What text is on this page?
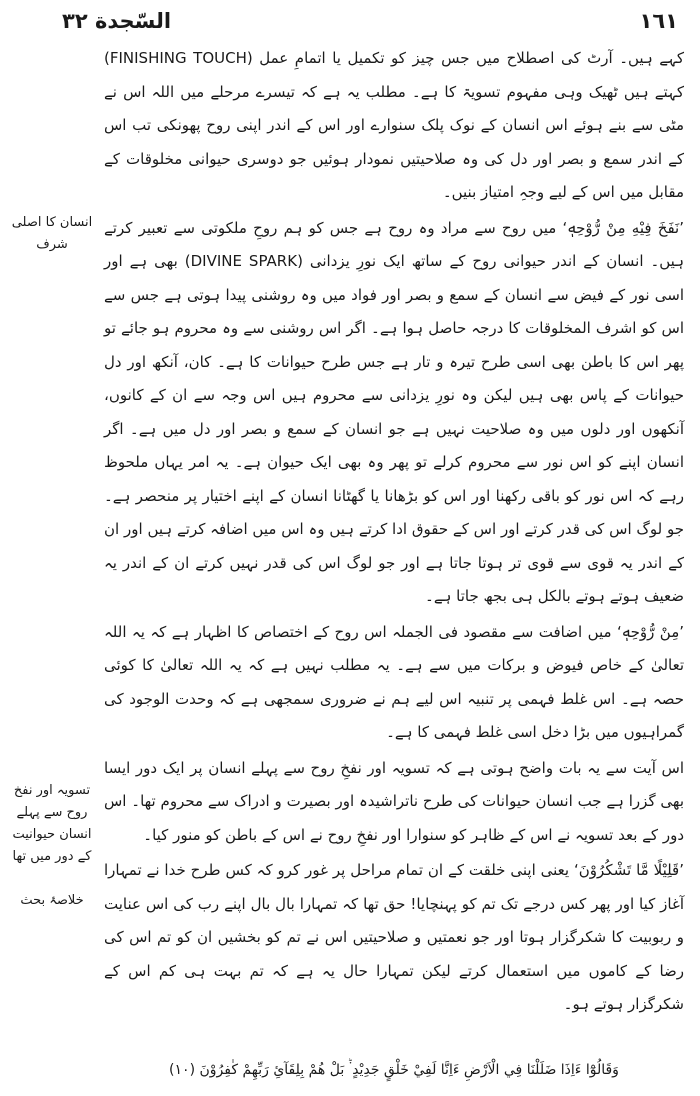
السّجدة ٣٢	١٦١

کہے ہیں۔ آرٹ کی اصطلاح میں جس چیز کو تکمیل یا اتمامِ عمل (FINISHING TOUCH) کہتے ہیں ٹھیک وہی مفہوم تسویۃ کا ہے۔ مطلب یہ ہے کہ تیسرے مرحلے میں اللہ اس نے مٹی سے بنے ہوئے اس انسان کے نوک پلک سنوارے اور اس کے اندر اپنی روح پھونکی تب اس کے اندر سمع و بصر اور دل کی وہ صلاحیتیں نمودار ہوئیں جو دوسری حیوانی مخلوقات کے مقابل میں اس کے لیے وجہِ امتیاز بنیں۔

’نَفَخَ فِيْهِ مِنْ رُّوْحِهٖ‘ میں روح سے مراد وہ روح ہے جس کو ہم روحِ ملکوتی سے تعبیر کرتے ہیں۔ انسان کے اندر حیوانی روح کے ساتھ ایک نورِ یزدانی (DIVINE SPARK) بھی ہے اور اسی نور کے فیض سے انسان کے سمع و بصر اور فواد میں وہ روشنی پیدا ہوتی ہے جس سے اس کو اشرف المخلوقات کا درجہ حاصل ہوا ہے۔ اگر اس روشنی سے وہ محروم ہو جائے تو پھر اس کا باطن بھی اسی طرح تیرہ و تار ہے جس طرح حیوانات کا ہے۔ کان، آنکھ اور دل حیوانات کے پاس بھی ہیں لیکن وہ نورِ یزدانی سے محروم ہیں اس وجہ سے ان کے کانوں، آنکھوں اور دلوں میں وہ صلاحیت نہیں ہے جو انسان کے سمع و بصر اور دل میں ہے۔ اگر انسان اپنے کو اس نور سے محروم کرلے تو پھر وہ بھی ایک حیوان ہے۔ یہ امر یہاں ملحوظ رہے کہ اس نور کو باقی رکھنا اور اس کو بڑھانا یا گھٹانا انسان کے اپنے اختیار پر منحصر ہے۔ جو لوگ اس کی قدر کرتے اور اس کے حقوق ادا کرتے ہیں وہ اس میں اضافہ کرتے ہیں اور ان کے اندر یہ قوی سے قوی تر ہوتا جاتا ہے اور جو لوگ اس کی قدر نہیں کرتے ان کے اندر یہ ضعیف ہوتے ہوتے بالکل ہی بجھ جاتا ہے۔

’مِنْ رُّوْحِهٖ‘ میں اضافت سے مقصود فی الجملہ اس روح کے اختصاص کا اظہار ہے کہ یہ اللہ تعالیٰ کے خاص فیوض و برکات میں سے ہے۔ یہ مطلب نہیں ہے کہ یہ اللہ تعالیٰ کا کوئی حصہ ہے۔ اس غلط فہمی پر تنبیہ اس لیے ہم نے ضروری سمجھی ہے کہ وحدت الوجود کی گمراہیوں میں بڑا دخل اسی غلط فہمی کا ہے۔

اس آیت سے یہ بات واضح ہوتی ہے کہ تسویہ اور نفخِ روح سے پہلے انسان پر ایک دور ایسا بھی گزرا ہے جب انسان حیوانات کی طرح ناتراشیدہ اور بصیرت و ادراک سے محروم تھا۔ اس دور کے بعد تسویہ نے اس کے ظاہر کو سنوارا اور نفخِ روح نے اس کے باطن کو منور کیا۔

’قَلِيْلًا مَّا تَشْكُرُوْنَ‘ یعنی اپنی خلقت کے ان تمام مراحل پر غور کرو کہ کس طرح خدا نے تمہارا آغاز کیا اور پھر کس درجے تک تم کو پہنچایا! حق تھا کہ تمہارا بال بال اپنے رب کی اس عنایت و ربوبیت کا شکرگزار ہوتا اور جو نعمتیں و صلاحیتیں اس نے تم کو بخشیں ان کو تم اس کی رضا کے کاموں میں استعمال کرتے لیکن تمہارا حال یہ ہے کہ تم بہت ہی کم اس کے شکرگزار ہوتے ہو۔

انسان کا اصلی شرف
تسویہ اور نفخ روح سے پہلے انسان حیوانیت کے دور میں تھا
خلاصۂ بحث
وَقَالُوْٓا ءَاِذَا ضَلَلْنَا فِي الْاَرْضِ ءَاِنَّا لَفِيْ خَلْقٍ جَدِيْدٍ ۬ؕ بَلْ هُمْ بِلِقَآئِ رَبِّهِمْ كٰفِرُوْنَ (١٠)
